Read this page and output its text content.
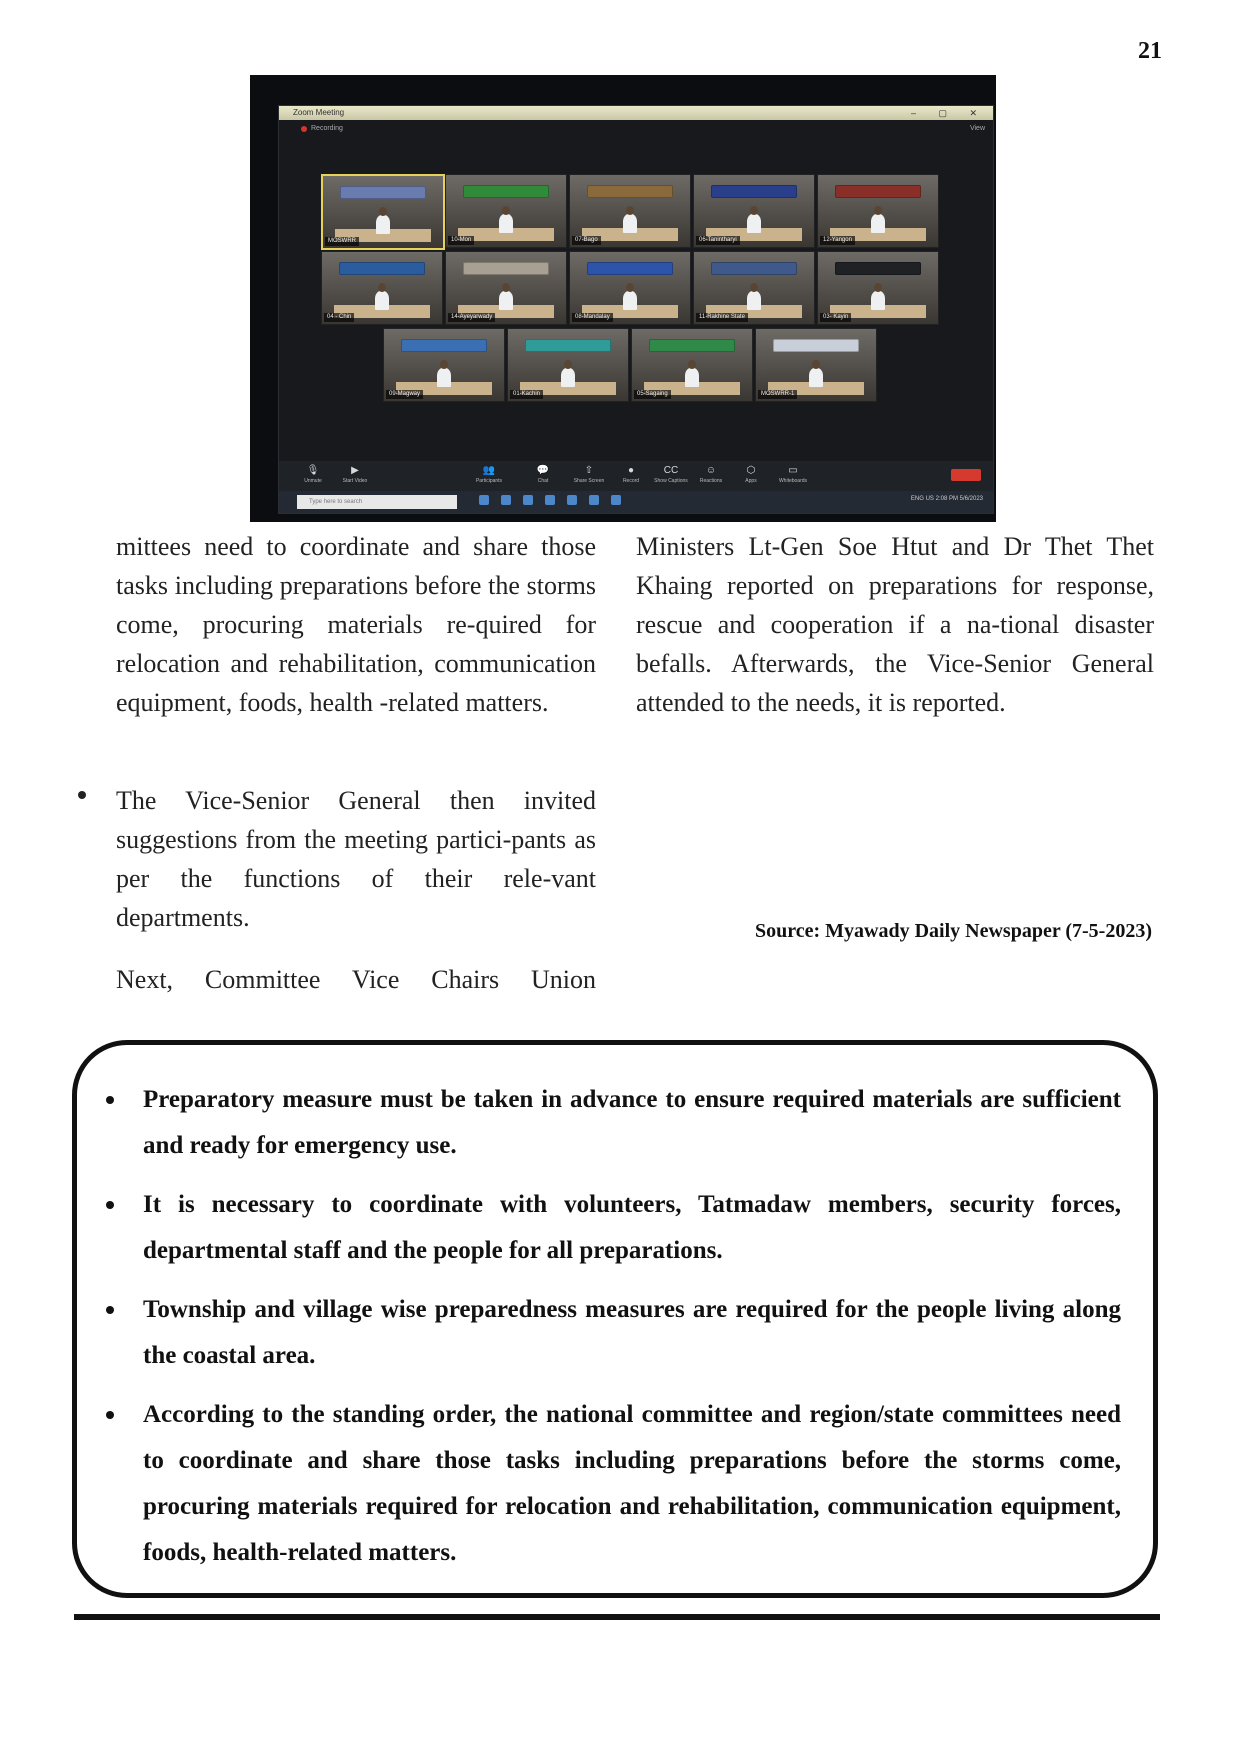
21
Zoom Meeting	– ▢ ✕
Recording	View
MOSWRR	10-Mon	07-Bago	06-Tanintharyi	12-Yangon
04 - Chin	14-Ayeyarwady	08-Mandalay	11-Rakhine State	03- Kayin
09-Magway	01-Kachin	05-Sagaing	MOSWRR-1
🎙
Unmute
▶
Start Video
👥
Participants
💬
Chat
⇧
Share Screen
●
Record
CC
Show Captions
☺
Reactions
⬡
Apps
▭
Whiteboards
Type here to search	ENG US 2:08 PM 5/6/2023

mittees need to coordinate and share those tasks including preparations before the storms come, procuring materials re-quired for relocation and rehabilitation, communication equipment, foods, health -related matters.

The Vice-Senior General then invited suggestions from the meeting partici-pants as per the functions of their rele-vant departments.
Next, Committee Vice Chairs Union

Ministers Lt-Gen Soe Htut and Dr Thet Thet Khaing reported on preparations for response, rescue and cooperation if a na-tional disaster befalls. Afterwards, the Vice-Senior General attended to the needs, it is reported.

Source: Myawady Daily Newspaper (7-5-2023)
Preparatory measure must be taken in advance to ensure required materials are sufficient and ready for emergency use.
It is necessary to coordinate with volunteers, Tatmadaw members, security forces, departmental staff and the people for all preparations.
Township and village wise preparedness measures are required for the people living along the coastal area.
According to the standing order, the national committee and region/state committees need to coordinate and share those tasks including preparations before the storms come, procuring materials required for relocation and rehabilitation, communication equipment, foods, health-related matters.
